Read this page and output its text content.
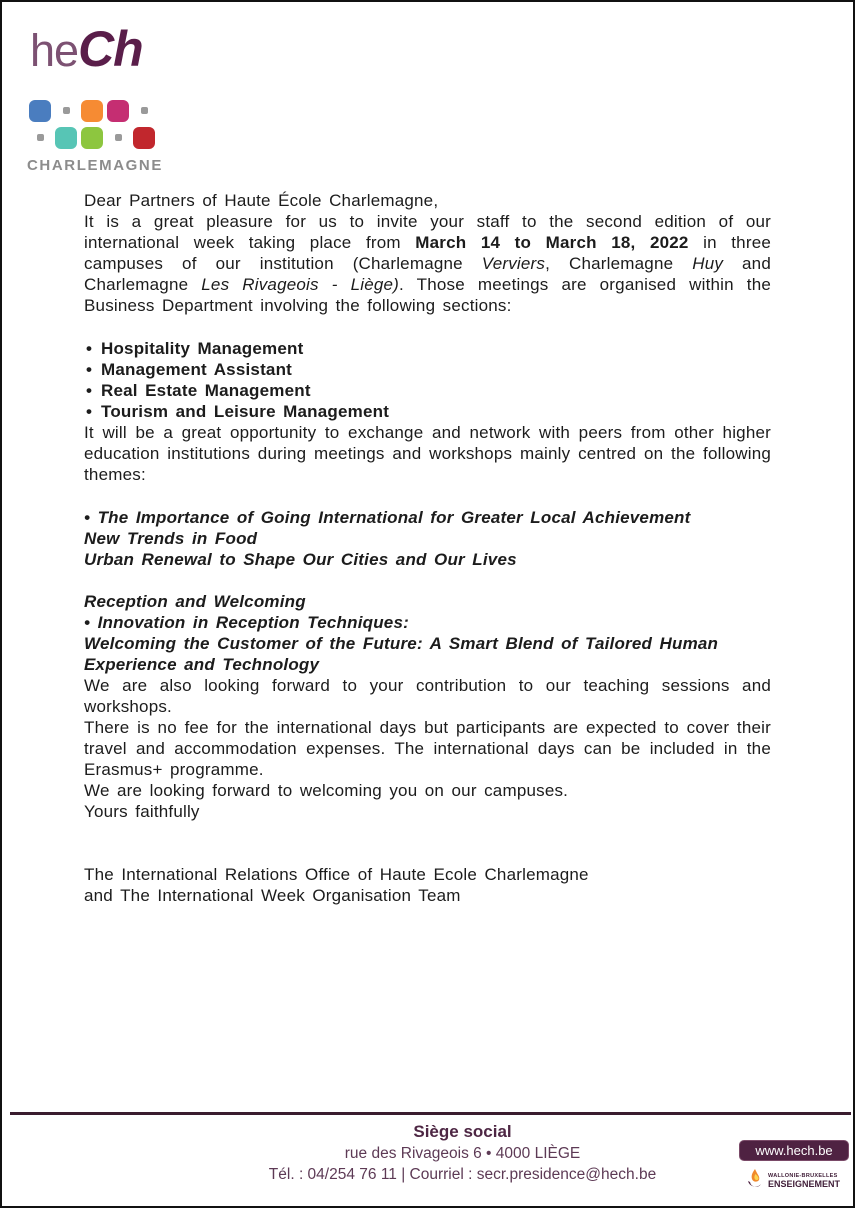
heCh
CHARLEMAGNE

Dear Partners of Haute École Charlemagne,

It is a great pleasure for us to invite your staff to the second edition of our international week taking place from March 14 to March 18, 2022 in three campuses of our institution (Charlemagne Verviers, Charlemagne Huy and Charlemagne Les Rivageois - Liège). Those meetings are organised within the Business Department involving the following sections:

• Hospitality Management
• Management Assistant
• Real Estate Management
• Tourism and Leisure Management

It will be a great opportunity to exchange and network with peers from other higher education institutions during meetings and workshops mainly centred on the following themes:

• The Importance of Going International for Greater Local Achievement
New Trends in Food
Urban Renewal to Shape Our Cities and Our Lives
Reception and Welcoming
• Innovation in Reception Techniques:
Welcoming the Customer of the Future: A Smart Blend of Tailored Human Experience and Technology

We are also looking forward to your contribution to our teaching sessions and workshops.

There is no fee for the international days but participants are expected to cover their travel and accommodation expenses. The international days can be included in the Erasmus+ programme.

We are looking forward to welcoming you on our campuses.

Yours faithfully

The International Relations Office of Haute Ecole Charlemagne
and The International Week Organisation Team
Siège social
rue des Rivageois 6 • 4000 LIÈGE
Tél. : 04/254 76 11 | Courriel : secr.presidence@hech.be
www.hech.be
WALLONIE-BRUXELLES
ENSEIGNEMENT
